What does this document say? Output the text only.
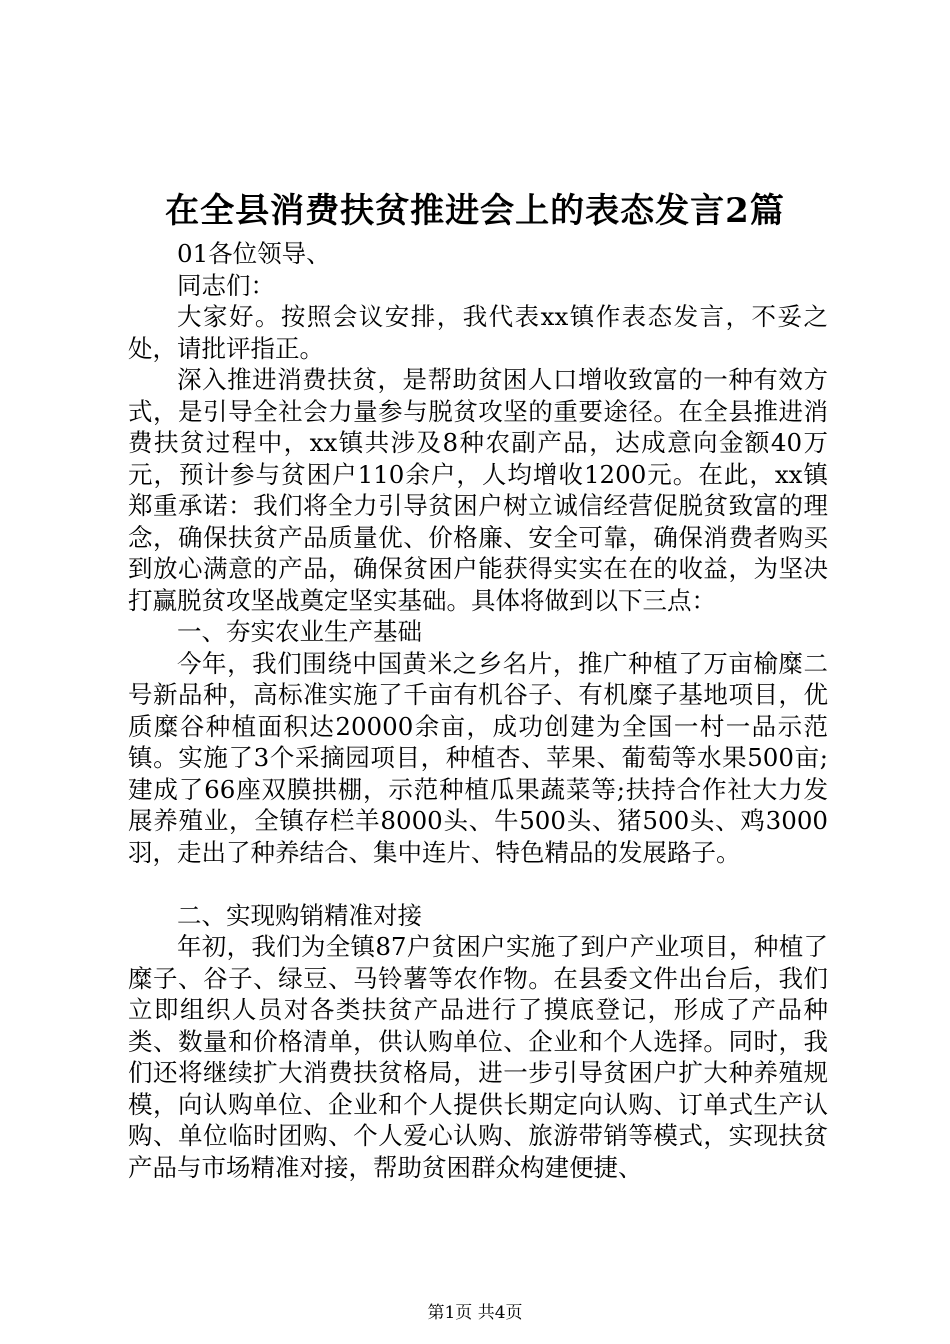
在全县消费扶贫推进会上的表态发言2篇

01各位领导、

同志们：

大家好。按照会议安排，我代表xx镇作表态发言，不妥之处，请批评指正。

深入推进消费扶贫，是帮助贫困人口增收致富的一种有效方式，是引导全社会力量参与脱贫攻坚的重要途径。在全县推进消费扶贫过程中，xx镇共涉及8种农副产品，达成意向金额40万元，预计参与贫困户110余户，人均增收1200元。在此，xx镇郑重承诺：我们将全力引导贫困户树立诚信经营促脱贫致富的理念，确保扶贫产品质量优、价格廉、安全可靠，确保消费者购买到放心满意的产品，确保贫困户能获得实实在在的收益，为坚决打赢脱贫攻坚战奠定坚实基础。具体将做到以下三点：

一、夯实农业生产基础

今年，我们围绕中国黄米之乡名片，推广种植了万亩榆糜二号新品种，高标准实施了千亩有机谷子、有机糜子基地项目，优质糜谷种植面积达20000余亩，成功创建为全国一村一品示范镇。实施了3个采摘园项目，种植杏、苹果、葡萄等水果500亩;建成了66座双膜拱棚，示范种植瓜果蔬菜等;扶持合作社大力发展养殖业，全镇存栏羊8000头、牛500头、猪500头、鸡3000羽，走出了种养结合、集中连片、特色精品的发展路子。

二、实现购销精准对接

年初，我们为全镇87户贫困户实施了到户产业项目，种植了糜子、谷子、绿豆、马铃薯等农作物。在县委文件出台后，我们立即组织人员对各类扶贫产品进行了摸底登记，形成了产品种类、数量和价格清单，供认购单位、企业和个人选择。同时，我们还将继续扩大消费扶贫格局，进一步引导贫困户扩大种养殖规模，向认购单位、企业和个人提供长期定向认购、订单式生产认购、单位临时团购、个人爱心认购、旅游带销等模式，实现扶贫产品与市场精准对接，帮助贫困群众构建便捷、

第1页 共4页
